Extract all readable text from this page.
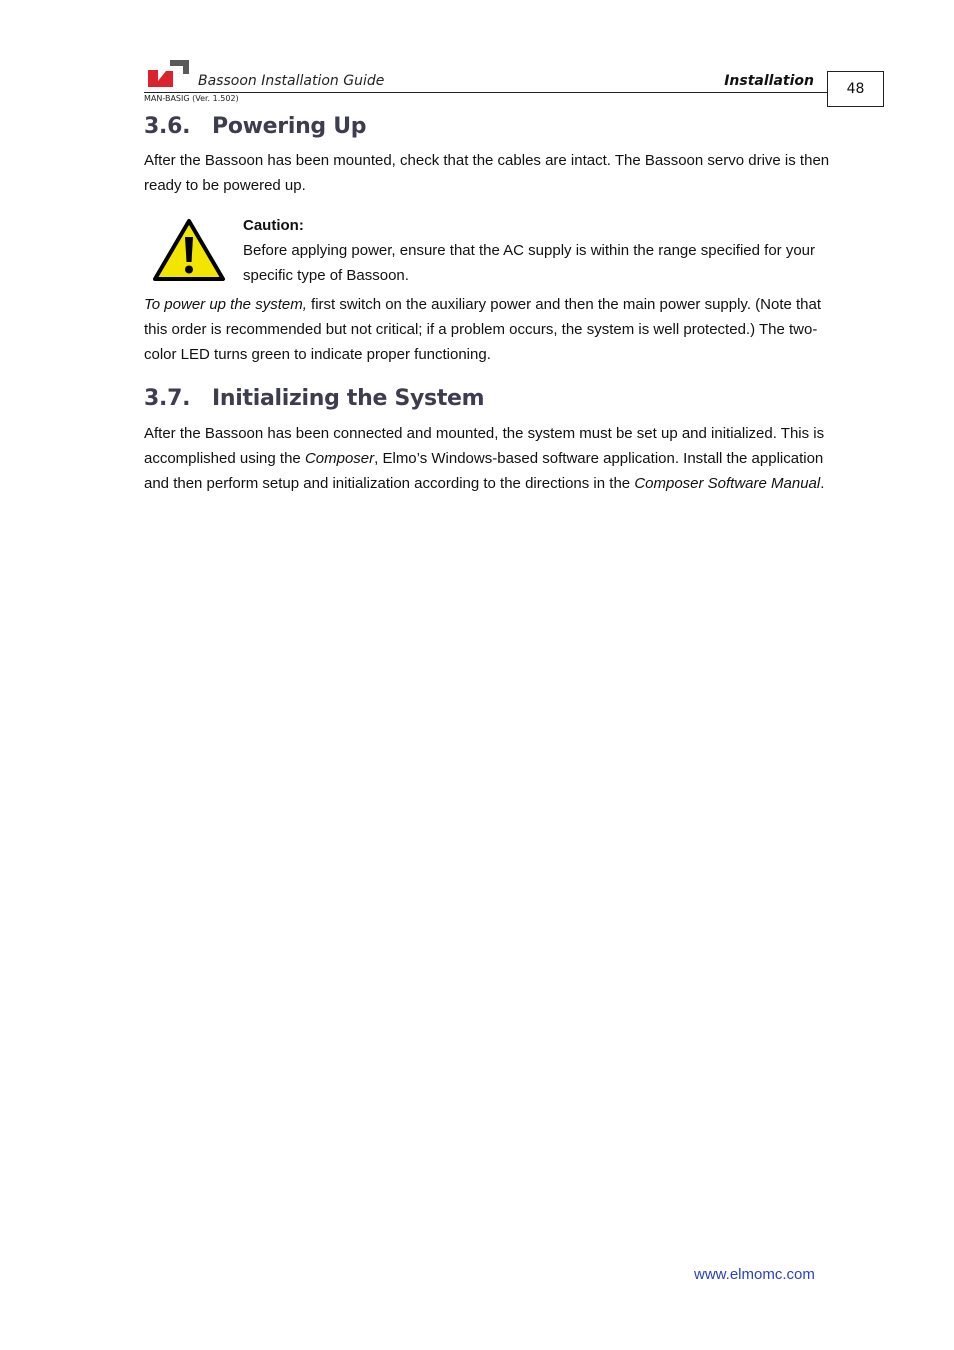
Bassoon Installation Guide	Installation
MAN-BASIG (Ver. 1.502)
48
3.6. Powering Up
After the Bassoon has been mounted, check that the cables are intact. The Bassoon servo drive is then ready to be powered up.
Caution:
Before applying power, ensure that the AC supply is within the range specified for your specific type of Bassoon.
To power up the system, first switch on the auxiliary power and then the main power supply. (Note that this order is recommended but not critical; if a problem occurs, the system is well protected.) The two-color LED turns green to indicate proper functioning.
3.7. Initializing the System
After the Bassoon has been connected and mounted, the system must be set up and initialized. This is accomplished using the Composer, Elmo’s Windows-based software application. Install the application and then perform setup and initialization according to the directions in the Composer Software Manual.
www.elmomc.com
